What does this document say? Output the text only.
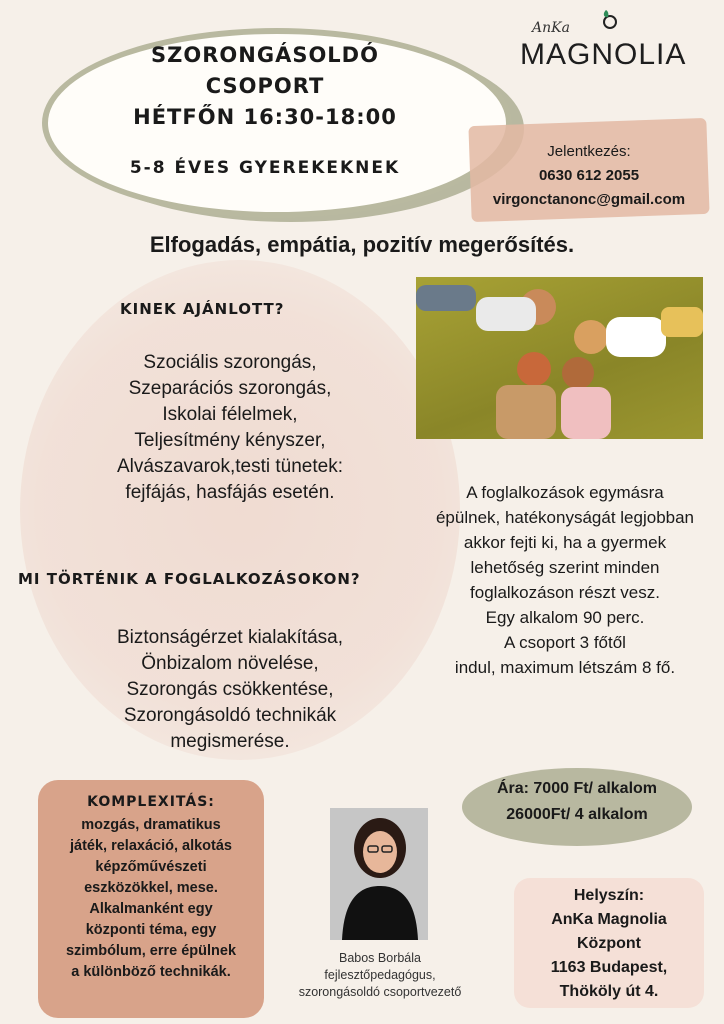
SZORONGÁSOLDÓ
CSOPORT
HÉTFŐN 16:30-18:00
5-8 ÉVES GYEREKEKNEK
AnKa
MAGNOLIA
Jelentkezés:
0630 612 2055
virgonctanonc@gmail.com
Elfogadás, empátia, pozitív megerősítés.
KINEK AJÁNLOTT?
Szociális szorongás,
Szeparációs szorongás,
Iskolai félelmek,
Teljesítmény kényszer,
Alvászavarok,testi tünetek:
fejfájás, hasfájás esetén.
MI TÖRTÉNIK A FOGLALKOZÁSOKON?
Biztonságérzet kialakítása,
Önbizalom növelése,
Szorongás csökkentése,
Szorongásoldó technikák
megismerése.
A foglalkozások egymásra
épülnek, hatékonyságát legjobban
akkor fejti ki, ha a gyermek
lehetőség szerint minden
foglalkozáson részt vesz.
Egy alkalom 90 perc.
A csoport 3 főtől
indul, maximum létszám 8 fő.
Ára: 7000 Ft/ alkalom
26000Ft/ 4 alkalom
KOMPLEXITÁS:
mozgás, dramatikus
játék, relaxáció, alkotás
képzőművészeti
eszközökkel, mese.
Alkalmanként egy
központi téma, egy
szimbólum, erre épülnek
a különböző technikák.
Babos Borbála
fejlesztőpedagógus,
szorongásoldó csoportvezető
Helyszín:
AnKa Magnolia
Központ
1163 Budapest,
Thököly út 4.
